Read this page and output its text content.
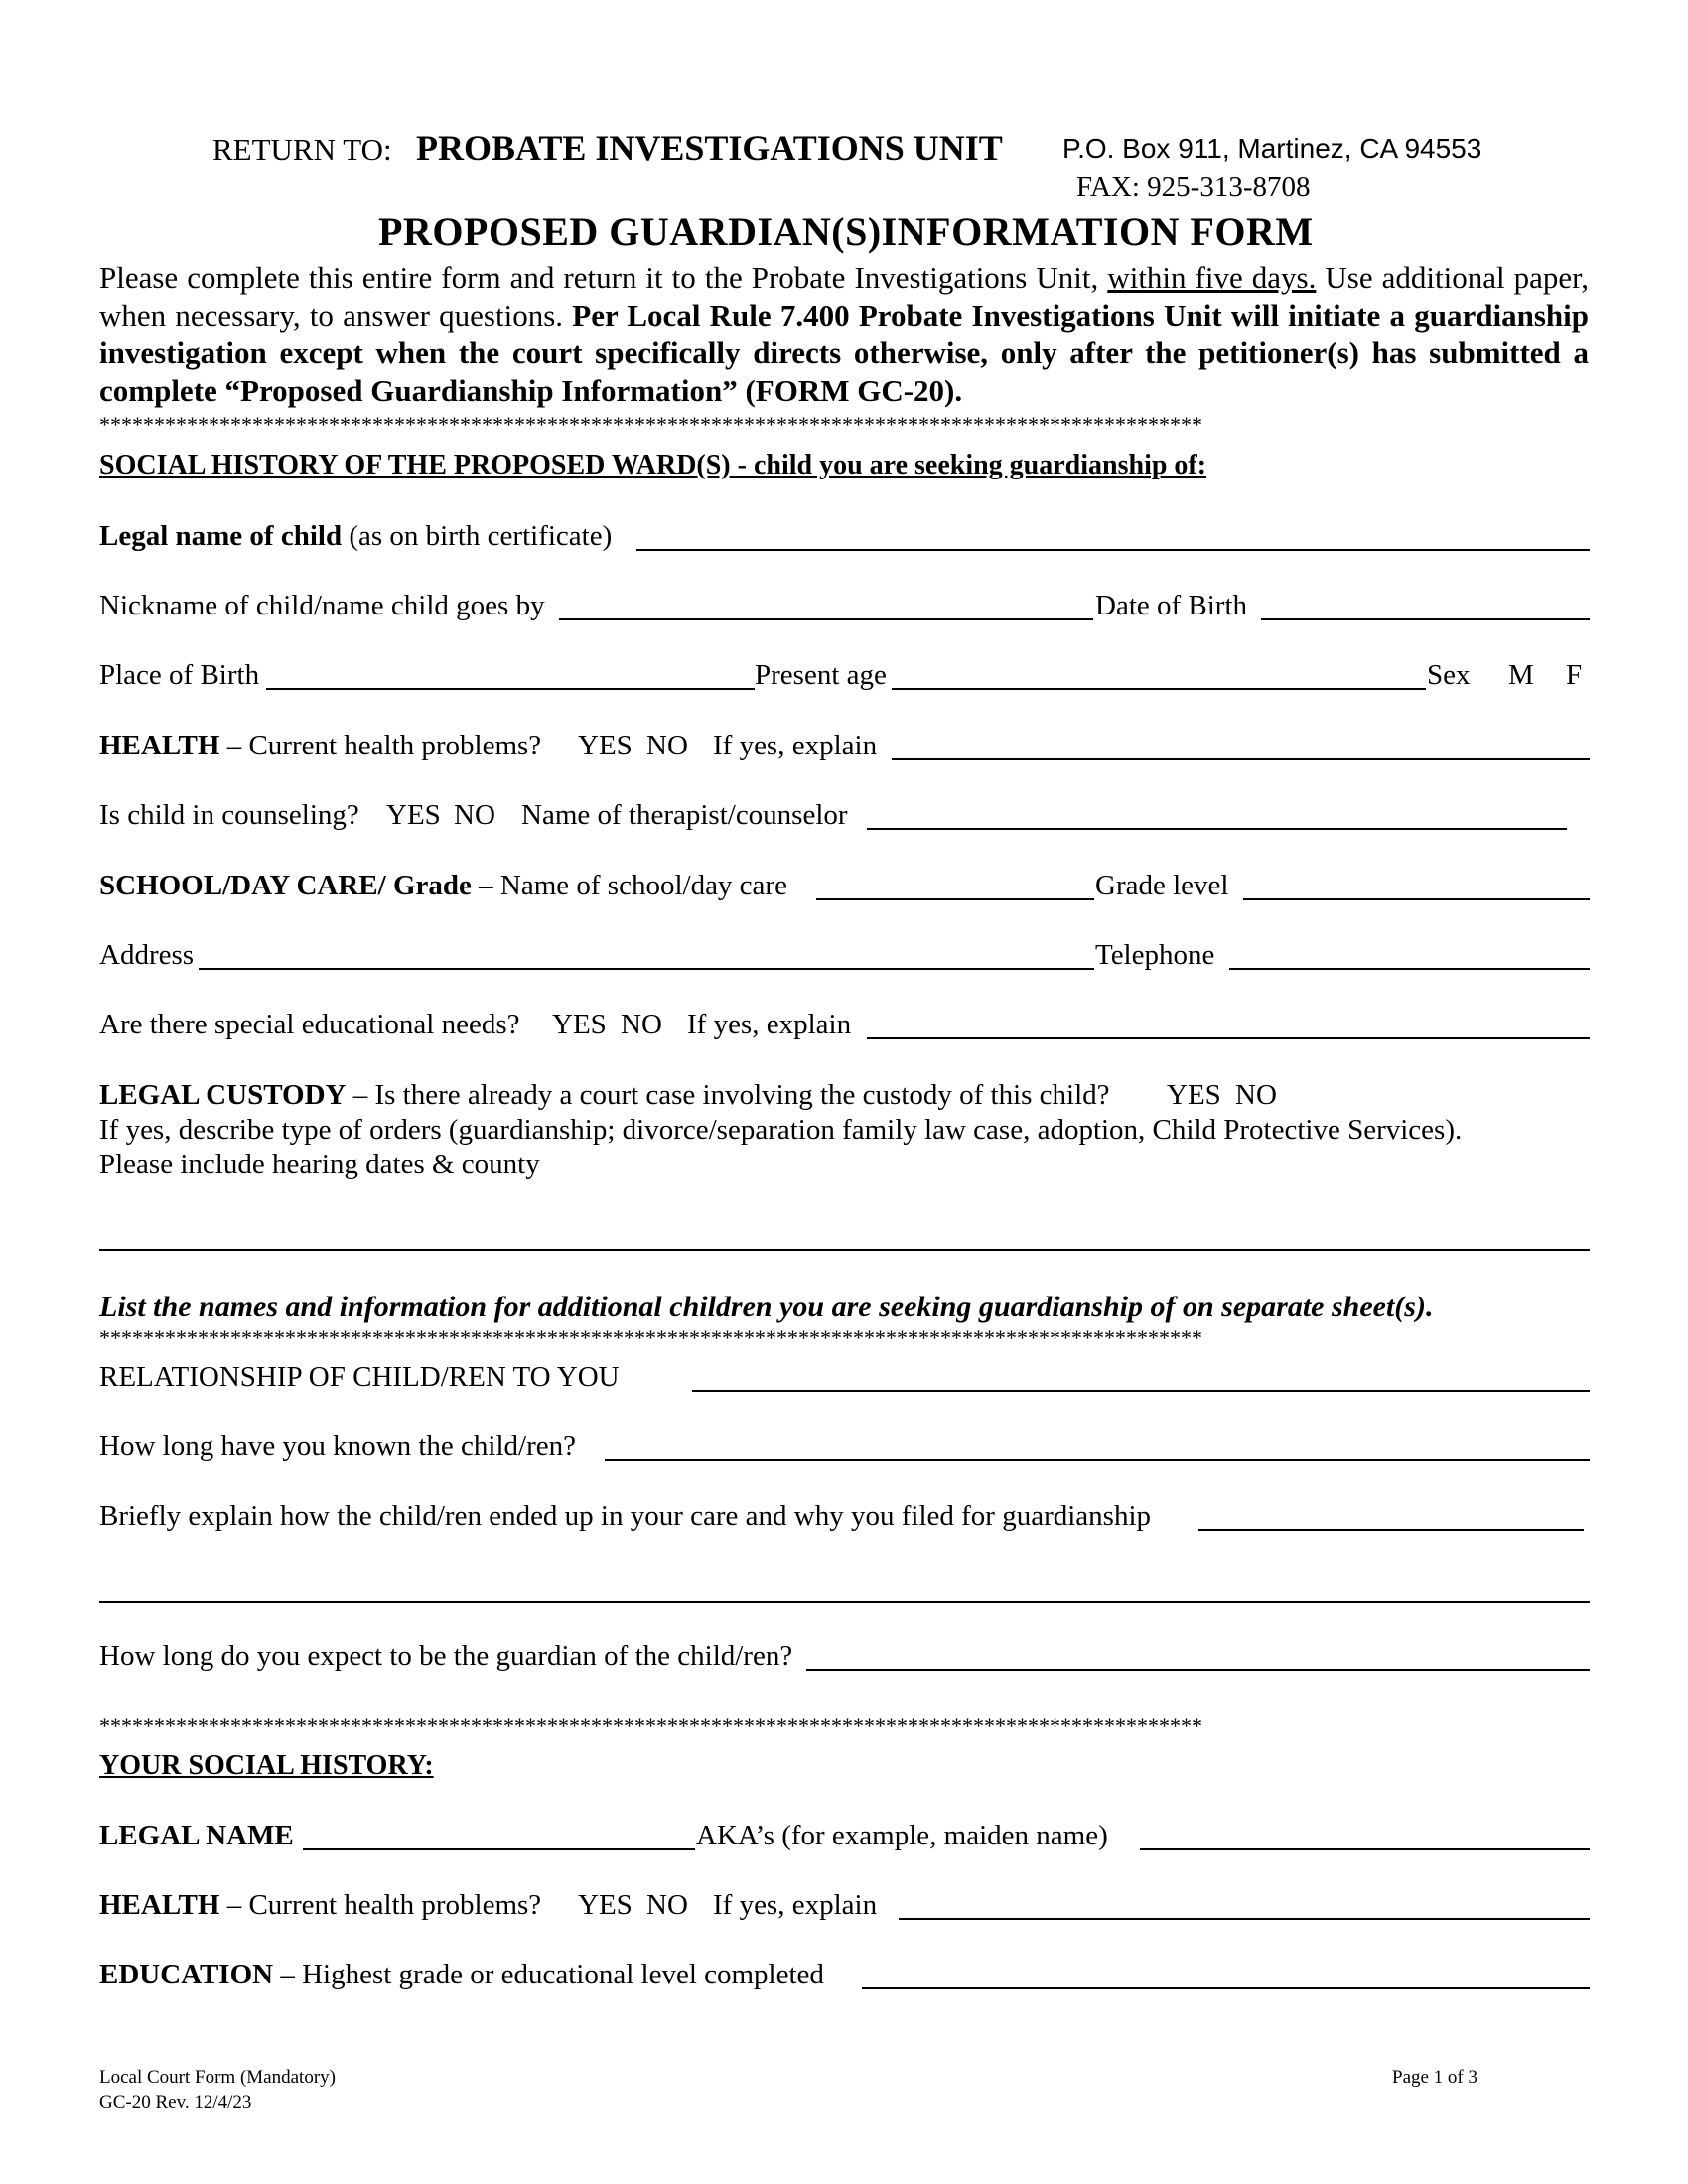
RETURN TO: PROBATE INVESTIGATIONS UNIT P.O. Box 911, Martinez, CA 94553
FAX: 925-313-8708
PROPOSED GUARDIAN(S)INFORMATION FORM
Please complete this entire form and return it to the Probate Investigations Unit, within five days. Use additional paper, when necessary, to answer questions. Per Local Rule 7.400 Probate Investigations Unit will initiate a guardianship investigation except when the court specifically directs otherwise, only after the petitioner(s) has submitted a complete “Proposed Guardianship Information” (FORM GC-20).
*****************************************************************************************************
SOCIAL HISTORY OF THE PROPOSED WARD(S) - child you are seeking guardianship of:
Legal name of child (as on birth certificate)
Nickname of child/name child goes by	Date of Birth
Place of Birth	Present age	Sex M F
HEALTH – Current health problems? YES NO If yes, explain
Is child in counseling? YES NO Name of therapist/counselor
SCHOOL/DAY CARE/ Grade – Name of school/day care	Grade level
Address	Telephone
Are there special educational needs? YES NO If yes, explain
LEGAL CUSTODY – Is there already a court case involving the custody of this child? YES NO
If yes, describe type of orders (guardianship; divorce/separation family law case, adoption, Child Protective Services).
Please include hearing dates & county
List the names and information for additional children you are seeking guardianship of on separate sheet(s).
*****************************************************************************************************
RELATIONSHIP OF CHILD/REN TO YOU
How long have you known the child/ren?
Briefly explain how the child/ren ended up in your care and why you filed for guardianship
How long do you expect to be the guardian of the child/ren?
*****************************************************************************************************
YOUR SOCIAL HISTORY:
LEGAL NAME	AKA’s (for example, maiden name)
HEALTH – Current health problems? YES NO If yes, explain
EDUCATION – Highest grade or educational level completed
Local Court Form (Mandatory)
GC-20 Rev. 12/4/23
Page 1 of 3
